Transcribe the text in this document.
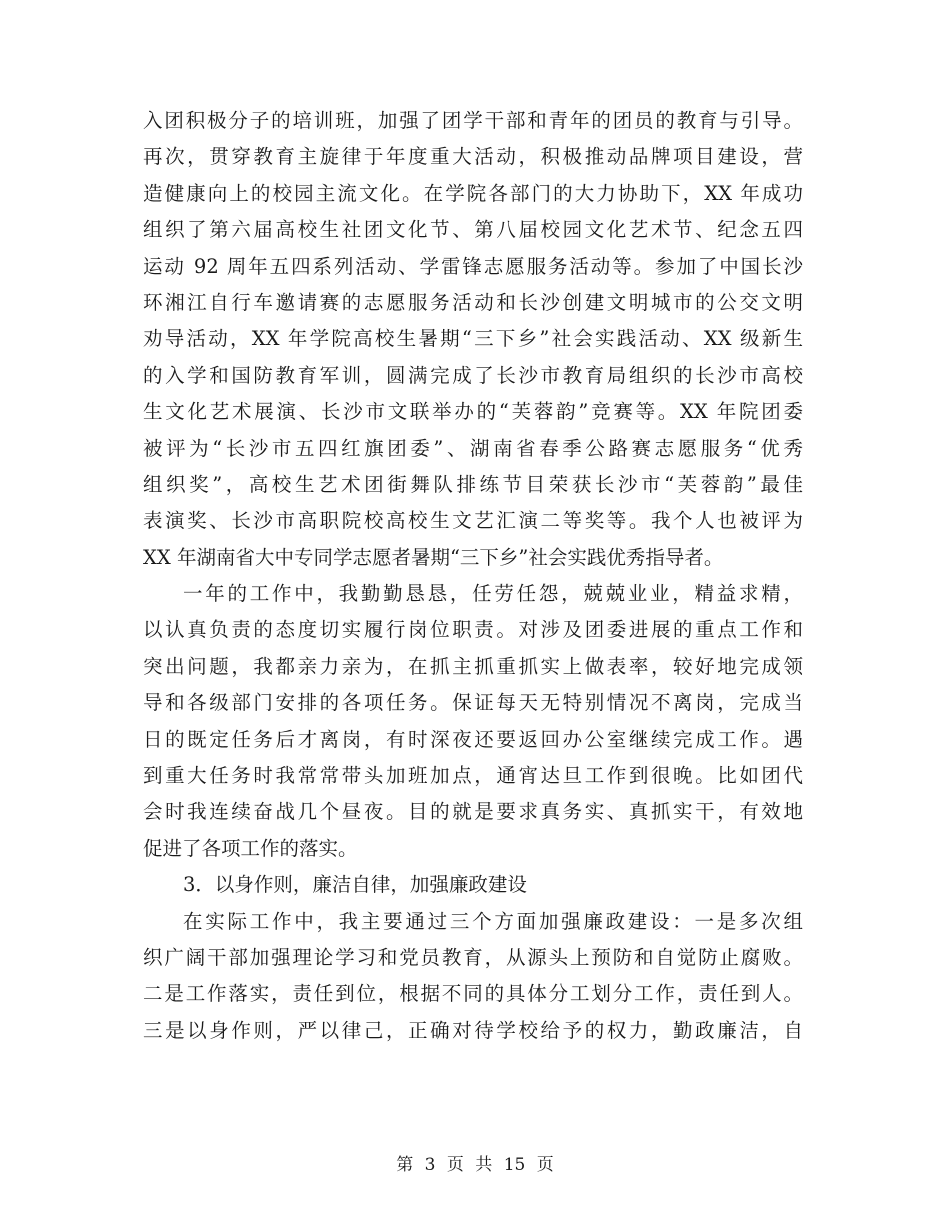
入团积极分子的培训班，加强了团学干部和青年的团员的教育与引导。
再次，贯穿教育主旋律于年度重大活动，积极推动品牌项目建设，营
造健康向上的校园主流文化。在学院各部门的大力协助下，XX 年成功
组织了第六届高校生社团文化节、第八届校园文化艺术节、纪念五四
运动 92 周年五四系列活动、学雷锋志愿服务活动等。参加了中国长沙
环湘江自行车邀请赛的志愿服务活动和长沙创建文明城市的公交文明
劝导活动，XX 年学院高校生暑期“三下乡”社会实践活动、XX 级新生
的入学和国防教育军训，圆满完成了长沙市教育局组织的长沙市高校
生文化艺术展演、长沙市文联举办的“芙蓉韵”竞赛等。XX 年院团委
被评为“长沙市五四红旗团委”、湖南省春季公路赛志愿服务“优秀
组织奖”，高校生艺术团街舞队排练节目荣获长沙市“芙蓉韵”最佳
表演奖、长沙市高职院校高校生文艺汇演二等奖等。我个人也被评为
XX 年湖南省大中专同学志愿者暑期“三下乡”社会实践优秀指导者。
一年的工作中，我勤勤恳恳，任劳任怨，兢兢业业，精益求精，
以认真负责的态度切实履行岗位职责。对涉及团委进展的重点工作和
突出问题，我都亲力亲为，在抓主抓重抓实上做表率，较好地完成领
导和各级部门安排的各项任务。保证每天无特别情况不离岗，完成当
日的既定任务后才离岗，有时深夜还要返回办公室继续完成工作。遇
到重大任务时我常常带头加班加点，通宵达旦工作到很晚。比如团代
会时我连续奋战几个昼夜。目的就是要求真务实、真抓实干，有效地
促进了各项工作的落实。
3．以身作则，廉洁自律，加强廉政建设
在实际工作中，我主要通过三个方面加强廉政建设：一是多次组
织广阔干部加强理论学习和党员教育，从源头上预防和自觉防止腐败。
二是工作落实，责任到位，根据不同的具体分工划分工作，责任到人。
三是以身作则，严以律己，正确对待学校给予的权力，勤政廉洁，自
第 3 页 共 15 页
